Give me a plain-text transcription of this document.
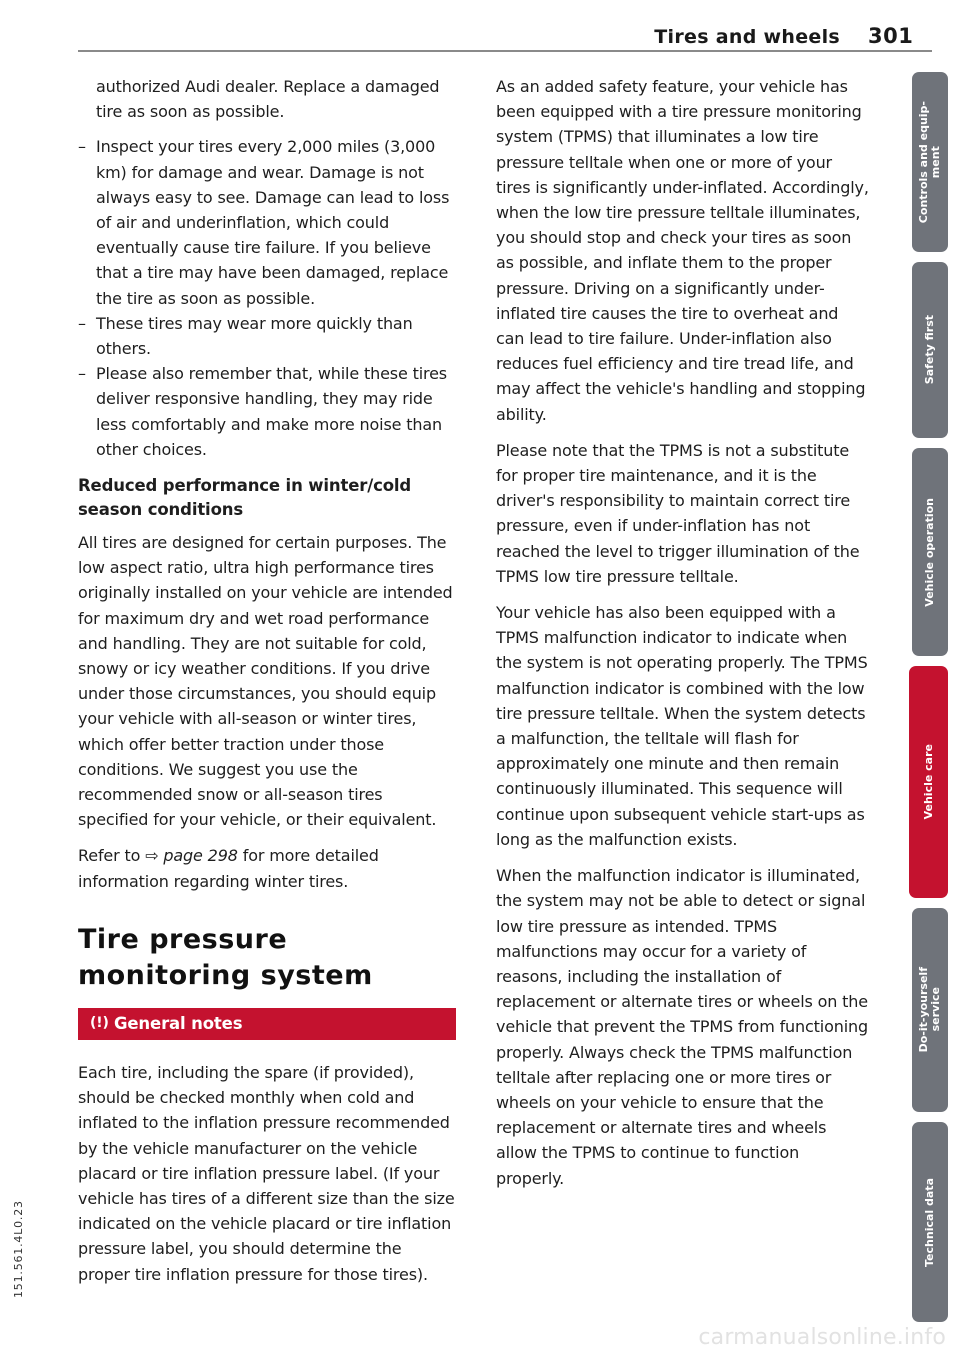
Tires and wheels 301
authorized Audi dealer. Replace a damaged tire as soon as possible.
– Inspect your tires every 2,000 miles (3,000 km) for damage and wear. Damage is not always easy to see. Damage can lead to loss of air and underinflation, which could eventually cause tire failure. If you believe that a tire may have been damaged, replace the tire as soon as possible.
– These tires may wear more quickly than others.
– Please also remember that, while these tires deliver responsive handling, they may ride less comfortably and make more noise than other choices.
Reduced performance in winter/cold season conditions

All tires are designed for certain purposes. The low aspect ratio, ultra high performance tires originally installed on your vehicle are intended for maximum dry and wet road performance and handling. They are not suitable for cold, snowy or icy weather conditions. If you drive under those circumstances, you should equip your vehicle with all-season or winter tires, which offer better traction under those conditions. We suggest you use the recommended snow or all-season tires specified for your vehicle, or their equivalent.

Refer to ⇨ page 298 for more detailed information regarding winter tires.

Tire pressure monitoring system
(!) General notes

Each tire, including the spare (if provided), should be checked monthly when cold and inflated to the inflation pressure recommended by the vehicle manufacturer on the vehicle placard or tire inflation pressure label. (If your vehicle has tires of a different size than the size indicated on the vehicle placard or tire inflation pressure label, you should determine the proper tire inflation pressure for those tires).

As an added safety feature, your vehicle has been equipped with a tire pressure monitoring system (TPMS) that illuminates a low tire pressure telltale when one or more of your tires is significantly under-inflated. Accordingly, when the low tire pressure telltale illuminates, you should stop and check your tires as soon as possible, and inflate them to the proper pressure. Driving on a significantly under-inflated tire causes the tire to overheat and can lead to tire failure. Under-inflation also reduces fuel efficiency and tire tread life, and may affect the vehicle's handling and stopping ability.

Please note that the TPMS is not a substitute for proper tire maintenance, and it is the driver's responsibility to maintain correct tire pressure, even if under-inflation has not reached the level to trigger illumination of the TPMS low tire pressure telltale.

Your vehicle has also been equipped with a TPMS malfunction indicator to indicate when the system is not operating properly. The TPMS malfunction indicator is combined with the low tire pressure telltale. When the system detects a malfunction, the telltale will flash for approximately one minute and then remain continuously illuminated. This sequence will continue upon subsequent vehicle start-ups as long as the malfunction exists.

When the malfunction indicator is illuminated, the system may not be able to detect or signal low tire pressure as intended. TPMS malfunctions may occur for a variety of reasons, including the installation of replacement or alternate tires or wheels on the vehicle that prevent the TPMS from functioning properly. Always check the TPMS malfunction telltale after replacing one or more tires or wheels on your vehicle to ensure that the replacement or alternate tires and wheels allow the TPMS to continue to function properly.

Controls and equip-
ment
Safety first
Vehicle operation
Vehicle care
Do-it-yourself
service
Technical data
151.561.4L0.23
carmanualsonline.info
